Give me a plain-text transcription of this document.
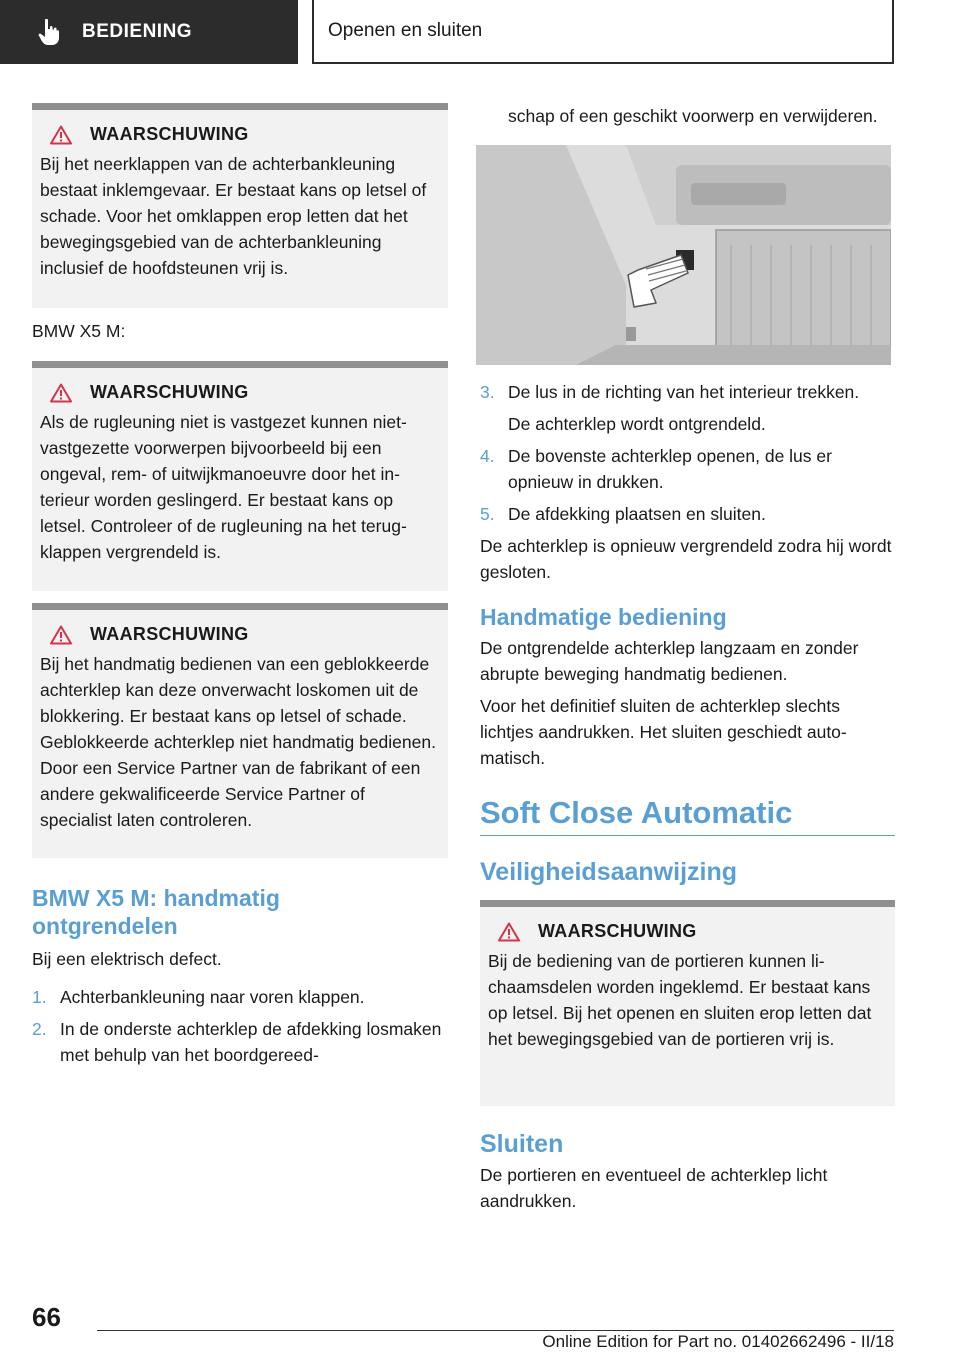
BEDIENING	Openen en sluiten
WAARSCHUWING

Bij het neerklappen van de achterbankleuning bestaat inklemgevaar. Er bestaat kans op letsel of schade. Voor het omklappen erop letten dat het bewegingsgebied van de achterbankleuning inclusief de hoofdsteunen vrij is.

BMW X5 M:

WAARSCHUWING

Als de rugleuning niet is vastgezet kunnen nietvastgezette voorwerpen bijvoorbeeld bij een ongeval, rem- of uitwijkmanoeuvre door het interieur worden geslingerd. Er bestaat kans op letsel. Controleer of de rugleuning na het terugklappen vergrendeld is.

WAARSCHUWING

Bij het handmatig bedienen van een geblokkeerde achterklep kan deze onverwacht loskomen uit de blokkering. Er bestaat kans op letsel of schade. Geblokkeerde achterklep niet handmatig bedienen. Door een Service Partner van de fabrikant of een andere gekwalificeerde Service Partner of specialist laten controleren.

BMW X5 M: handmatig ontgrendelen

Bij een elektrisch defect.

1. Achterbankleuning naar voren klappen.
2. In de onderste achterklep de afdekking losmaken met behulp van het boordgereed-

schap of een geschikt voorwerp en verwijderen.

3. De lus in de richting van het interieur trekken.
De achterklep wordt ontgrendeld.
4. De bovenste achterklep openen, de lus er opnieuw in drukken.
5. De afdekking plaatsen en sluiten.

De achterklep is opnieuw vergrendeld zodra hij wordt gesloten.

Handmatige bediening

De ontgrendelde achterklep langzaam en zonder abrupte beweging handmatig bedienen.

Voor het definitief sluiten de achterklep slechts lichtjes aandrukken. Het sluiten geschiedt automatisch.

Soft Close Automatic
Veiligheidsaanwijzing
WAARSCHUWING

Bij de bediening van de portieren kunnen lichaamsdelen worden ingeklemd. Er bestaat kans op letsel. Bij het openen en sluiten erop letten dat het bewegingsgebied van de portieren vrij is.

Sluiten

De portieren en eventueel de achterklep licht aandrukken.

66
Online Edition for Part no. 01402662496 - II/18
